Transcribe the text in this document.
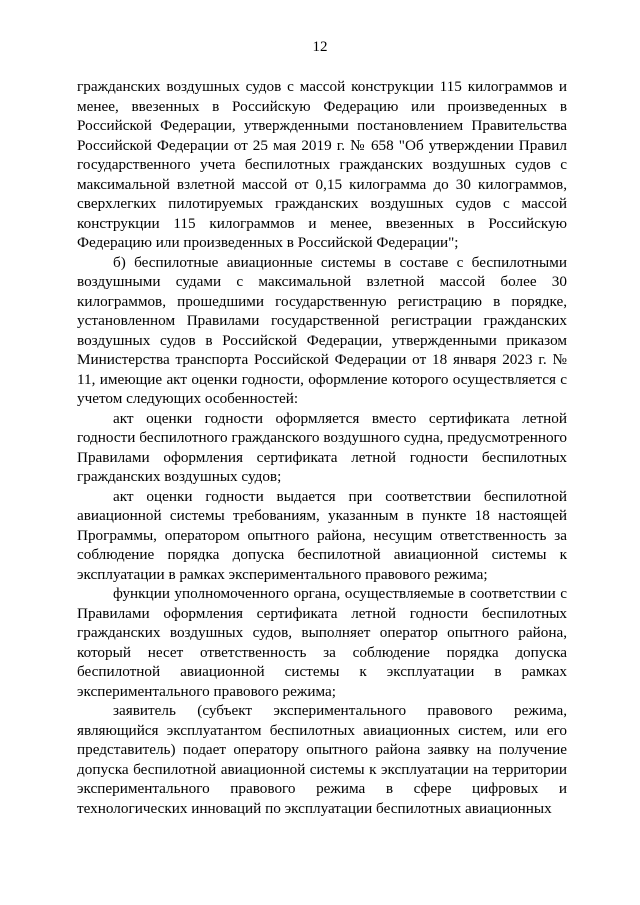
12

гражданских воздушных судов с массой конструкции 115 килограммов и менее, ввезенных в Российскую Федерацию или произведенных в Российской Федерации, утвержденными постановлением Правительства Российской Федерации от 25 мая 2019 г. № 658 "Об утверждении Правил государственного учета беспилотных гражданских воздушных судов с максимальной взлетной массой от 0,15 килограмма до 30 килограммов, сверхлегких пилотируемых гражданских воздушных судов с массой конструкции 115 килограммов и менее, ввезенных в Российскую Федерацию или произведенных в Российской Федерации";

б) беспилотные авиационные системы в составе с беспилотными воздушными судами с максимальной взлетной массой более 30 килограммов, прошедшими государственную регистрацию в порядке, установленном Правилами государственной регистрации гражданских воздушных судов в Российской Федерации, утвержденными приказом Министерства транспорта Российской Федерации от 18 января 2023 г. № 11, имеющие акт оценки годности, оформление которого осуществляется с учетом следующих особенностей:

акт оценки годности оформляется вместо сертификата летной годности беспилотного гражданского воздушного судна, предусмотренного Правилами оформления сертификата летной годности беспилотных гражданских воздушных судов;

акт оценки годности выдается при соответствии беспилотной авиационной системы требованиям, указанным в пункте 18 настоящей Программы, оператором опытного района, несущим ответственность за соблюдение порядка допуска беспилотной авиационной системы к эксплуатации в рамках экспериментального правового режима;

функции уполномоченного органа, осуществляемые в соответствии с Правилами оформления сертификата летной годности беспилотных гражданских воздушных судов, выполняет оператор опытного района, который несет ответственность за соблюдение порядка допуска беспилотной авиационной системы к эксплуатации в рамках экспериментального правового режима;

заявитель (субъект экспериментального правового режима, являющийся эксплуатантом беспилотных авиационных систем, или его представитель) подает оператору опытного района заявку на получение допуска беспилотной авиационной системы к эксплуатации на территории экспериментального правового режима в сфере цифровых и технологических инноваций по эксплуатации беспилотных авиационных
